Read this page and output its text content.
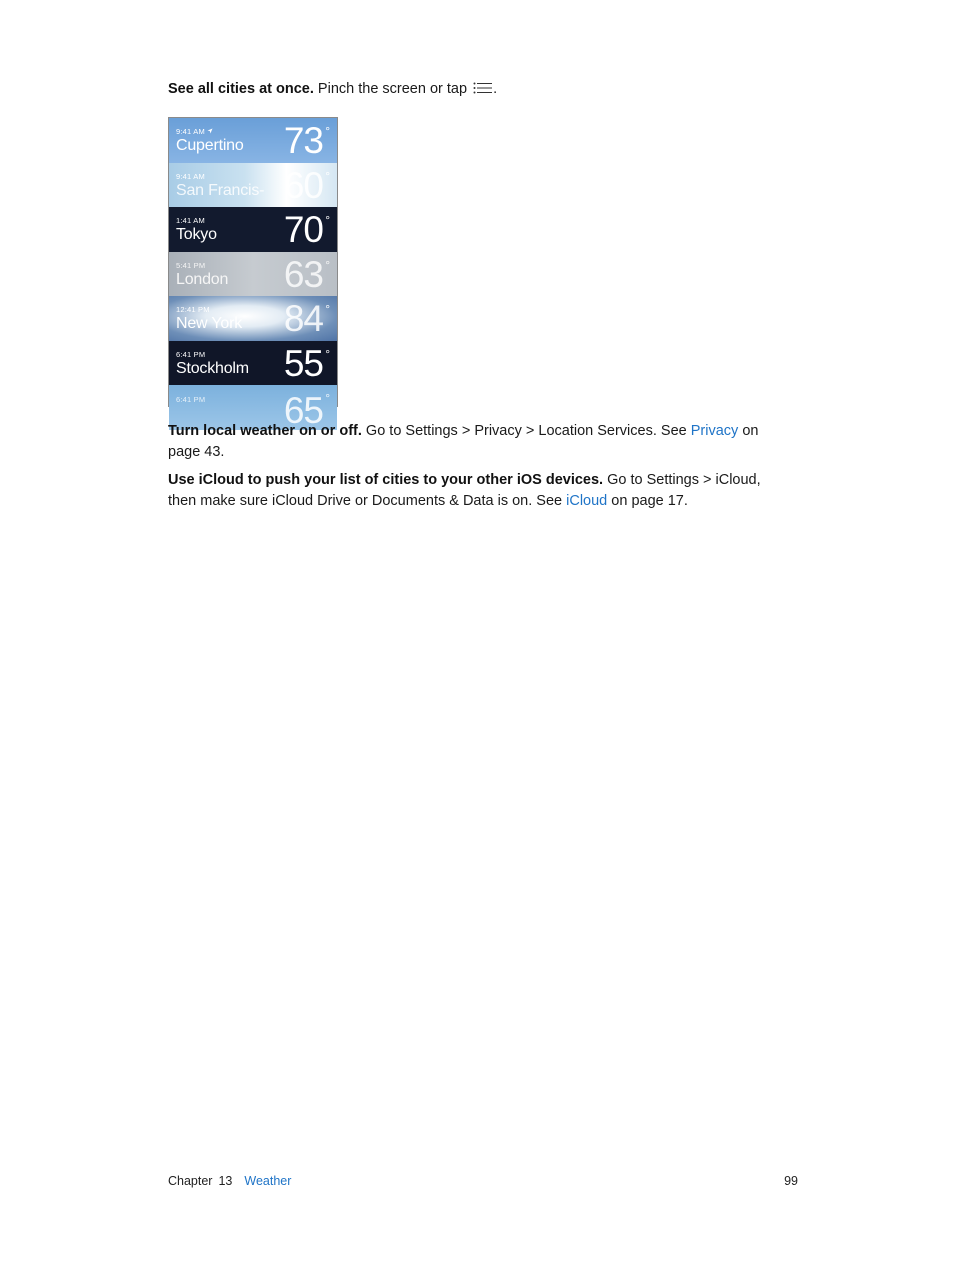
See all cities at once. Pinch the screen or tap .

9:41 AM
Cupertino 73 °
9:41 AM
San Francis- 60 °
1:41 AM
Tokyo 70 °
5:41 PM
London 63 °
12:41 PM
New York 84 °
6:41 PM
Stockholm 55 °
6:41 PM 65 °

Turn local weather on or off. Go to Settings > Privacy > Location Services. See Privacy on page 43.

Use iCloud to push your list of cities to your other iOS devices. Go to Settings > iCloud, then make sure iCloud Drive or Documents & Data is on. See iCloud on page 17.

Chapter 13 Weather	99
